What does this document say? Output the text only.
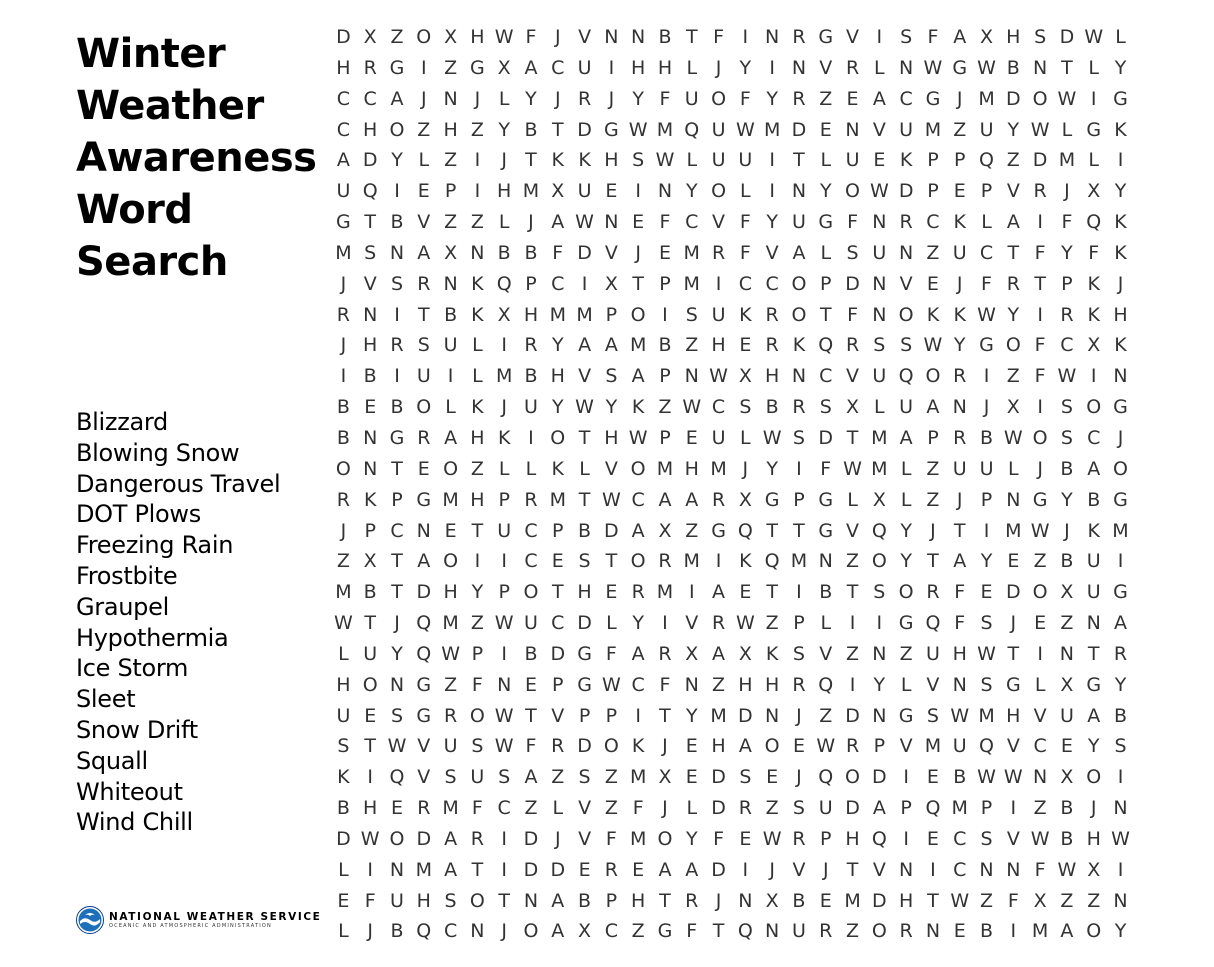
Winter
Weather
Awareness
Word
Search
Blizzard
Blowing Snow
Dangerous Travel
DOT Plows
Freezing Rain
Frostbite
Graupel
Hypothermia
Ice Storm
Sleet
Snow Drift
Squall
Whiteout
Wind Chill
D X Z O X H W F J V N N B T F I N R G V I S F A X H S D W L
H R G I Z G X A C U I H H L J Y I N V R L N W G W B N T L Y
C C A J N J L Y J R J Y F U O F Y R Z E A C G J M D O W I G
C H O Z H Z Y B T D G W M Q U W M D E N V U M Z U Y W L G K
A D Y L Z I	J T K K H S W L U U I T L U E K P P Q Z D M L I
U Q I E P I H M X U E I N Y O L I N Y O W D P E P V R J X Y
G T B V Z Z L J A W N E F C V F Y U G F N R C K L A I F Q K
M S N A X N B B F D V J E M R F V A L S U N Z U C T F Y F K
J V S R N K Q P C I X T P M I C C O P D N V E J F R T P K J
R N I T B K X H M M P O I S U K R O T F N O K K W Y I R K H
J H R S U L I R Y A A M B Z H E R K Q R S S W Y G O F C X K
I B I U I L M B H V S A P N W X H N C V U Q O R I Z F W I N
B E B O L K J U Y W Y K Z W C S B R S X L U A N J X I S O G
B N G R A H K I O T H W P E U L W S D T M A P R B W O S C J
O N T E O Z L L K L V O M H M J Y I F W M L Z U U L J B A O
R K P G M H P R M T W C A A R X G P G L X L Z J P N G Y B G
J P C N E T U C P B D A X Z G Q T T G V Q Y J T I M W J K M
Z X T A O I	I C E S T O R M I K Q M N Z O Y T A Y E Z B U I
M B T D H Y P O T H E R M I A E T I B T S O R F E D O X U G
W T J Q M Z W U C D L Y I V R W Z P L I	I G Q F S J E Z N A
L U Y Q W P I B D G F A R X A X K S V Z N Z U H W T I N T R
H O N G Z F N E P G W C F N Z H H R Q I Y L V N S G L X G Y
U E S G R O W T V P P I T Y M D N J Z D N G S W M H V U A B
S T W V U S W F R D O K J E H A O E W R P V M U Q V C E Y S
K I Q V S U S A Z S Z M X E D S E J Q O D I E B W W N X O I
B H E R M F C Z L V Z F J L D R Z S U D A P Q M P I Z B J N
D W O D A R I D J V F M O Y F E W R P H Q I E C S V W B H W
L I N M A T I D D E R E A A D I	J V J T V N I C N N F W X I
E F U H S O T N A B P H T R J N X B E M D H T W Z F X Z Z N
L J B Q C N J O A X C Z G F T Q N U R Z O R N E B I M A O Y
NATIONAL WEATHER SERVICE
OCEANIC AND ATMOSPHERIC ADMINISTRATION
